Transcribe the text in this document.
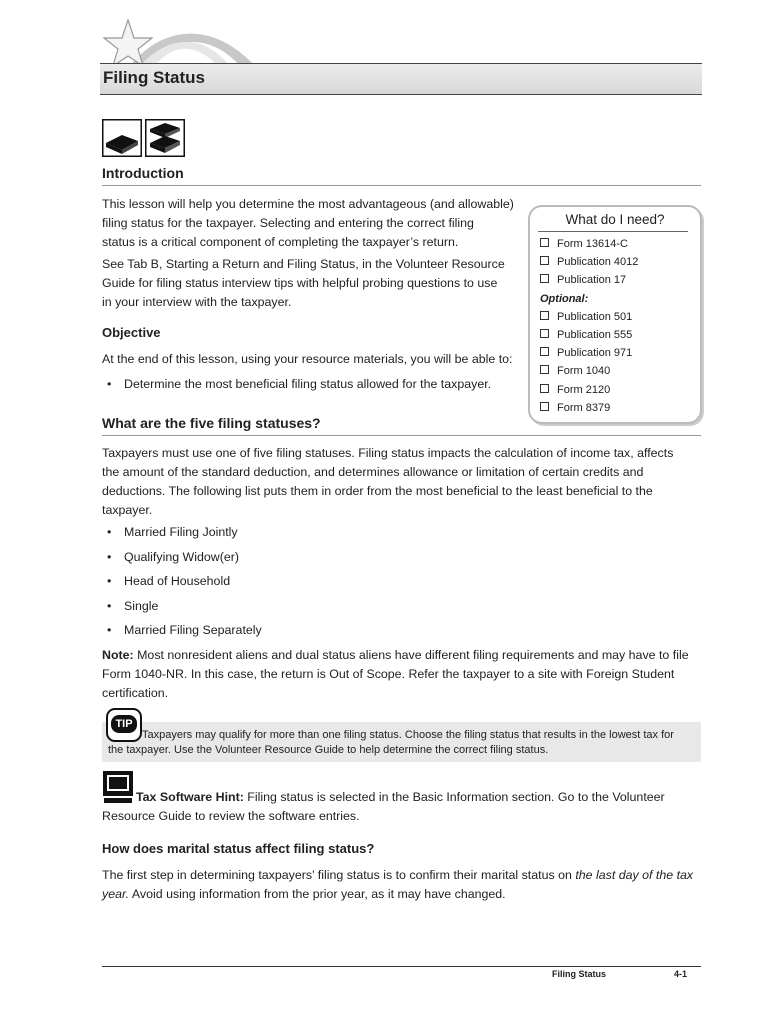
Filing Status
Introduction

This lesson will help you determine the most advantageous (and allowable)

filing status for the taxpayer. Selecting and entering the correct filing

status is a critical component of completing the taxpayer’s return.

See Tab B, Starting a Return and Filing Status, in the Volunteer Resource

Guide for filing status interview tips with helpful probing questions to use

in your interview with the taxpayer.

Objective

At the end of this lesson, using your resource materials, you will be able to:

• Determine the most beneficial filing status allowed for the taxpayer.
What do I need?
Form 13614-C
Publication 4012
Publication 17
Optional:
Publication 501
Publication 555
Publication 971
Form 1040
Form 2120
Form 8379
What are the five filing statuses?

Taxpayers must use one of five filing statuses. Filing status impacts the calculation of income tax, affects

the amount of the standard deduction, and determines allowance or limitation of certain credits and

deductions. The following list puts them in order from the most beneficial to the least beneficial to the

taxpayer.

• Married Filing Jointly
• Qualifying Widow(er)
• Head of Household
• Single
• Married Filing Separately

Note: Most nonresident aliens and dual status aliens have different filing requirements and may have to file

Form 1040-NR. In this case, the return is Out of Scope. Refer the taxpayer to a site with Foreign Student

certification.

TIP
Taxpayers may qualify for more than one filing status. Choose the filing status that results in the lowest tax for
the taxpayer. Use the Volunteer Resource Guide to help determine the correct filing status.

Tax Software Hint: Filing status is selected in the Basic Information section. Go to the Volunteer

Resource Guide to review the software entries.

How does marital status affect filing status?

The first step in determining taxpayers’ filing status is to confirm their marital status on the last day of the tax

year. Avoid using information from the prior year, as it may have changed.

Filing Status	4-1
